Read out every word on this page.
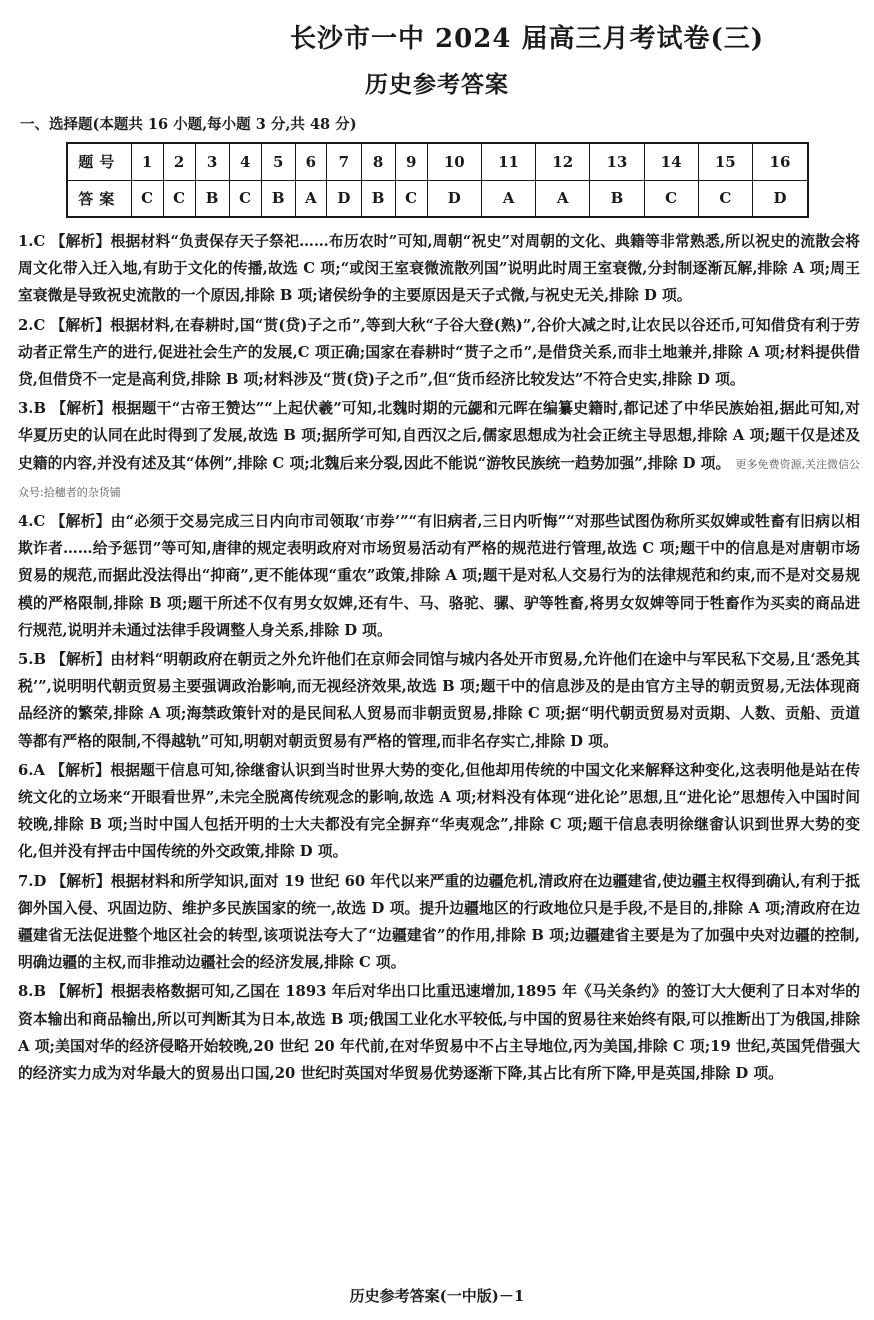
长沙市一中 2024 届高三月考试卷(三)
历史参考答案
一、选择题(本题共 16 小题,每小题 3 分,共 48 分)
题号	1	2	3	4	5	6	7	8	9	10	11	12	13	14	15	16
答案	C	C	B	C	B	A	D	B	C	D	A	A	B	C	C	D

1.C 【解析】根据材料“负责保存天子祭祀……布历农时”可知,周朝“祝史”对周朝的文化、典籍等非常熟悉,所以祝史的流散会将周文化带入迁入地,有助于文化的传播,故选 C 项;“或闵王室衰微流散列国”说明此时周王室衰微,分封制逐渐瓦解,排除 A 项;周王室衰微是导致祝史流散的一个原因,排除 B 项;诸侯纷争的主要原因是天子式微,与祝史无关,排除 D 项。

2.C 【解析】根据材料,在春耕时,国“贳(贷)子之币”,等到大秋“子谷大登(熟)”,谷价大减之时,让农民以谷还币,可知借贷有利于劳动者正常生产的进行,促进社会生产的发展,C 项正确;国家在春耕时“贳子之币”,是借贷关系,而非土地兼并,排除 A 项;材料提供借贷,但借贷不一定是高利贷,排除 B 项;材料涉及“贳(贷)子之币”,但“货币经济比较发达”不符合史实,排除 D 项。

3.B 【解析】根据题干“古帝王赞达”“上起伏羲”可知,北魏时期的元勰和元晖在编纂史籍时,都记述了中华民族始祖,据此可知,对华夏历史的认同在此时得到了发展,故选 B 项;据所学可知,自西汉之后,儒家思想成为社会正统主导思想,排除 A 项;题干仅是述及史籍的内容,并没有述及其“体例”,排除 C 项;北魏后来分裂,因此不能说“游牧民族统一趋势加强”,排除 D 项。 更多免费资源,关注微信公众号:拾穗者的杂货铺

4.C 【解析】由“必须于交易完成三日内向市司领取‘市券’”“有旧病者,三日内听悔”“对那些试图伪称所买奴婢或牲畜有旧病以相欺诈者……给予惩罚”等可知,唐律的规定表明政府对市场贸易活动有严格的规范进行管理,故选 C 项;题干中的信息是对唐朝市场贸易的规范,而据此没法得出“抑商”,更不能体现“重农”政策,排除 A 项;题干是对私人交易行为的法律规范和约束,而不是对交易规模的严格限制,排除 B 项;题干所述不仅有男女奴婢,还有牛、马、骆驼、骡、驴等牲畜,将男女奴婢等同于牲畜作为买卖的商品进行规范,说明并未通过法律手段调整人身关系,排除 D 项。

5.B 【解析】由材料“明朝政府在朝贡之外允许他们在京师会同馆与城内各处开市贸易,允许他们在途中与军民私下交易,且‘悉免其税’”,说明明代朝贡贸易主要强调政治影响,而无视经济效果,故选 B 项;题干中的信息涉及的是由官方主导的朝贡贸易,无法体现商品经济的繁荣,排除 A 项;海禁政策针对的是民间私人贸易而非朝贡贸易,排除 C 项;据“明代朝贡贸易对贡期、人数、贡船、贡道等都有严格的限制,不得越轨”可知,明朝对朝贡贸易有严格的管理,而非名存实亡,排除 D 项。

6.A 【解析】根据题干信息可知,徐继畬认识到当时世界大势的变化,但他却用传统的中国文化来解释这种变化,这表明他是站在传统文化的立场来“开眼看世界”,未完全脱离传统观念的影响,故选 A 项;材料没有体现“进化论”思想,且“进化论”思想传入中国时间较晚,排除 B 项;当时中国人包括开明的士大夫都没有完全摒弃“华夷观念”,排除 C 项;题干信息表明徐继畬认识到世界大势的变化,但并没有抨击中国传统的外交政策,排除 D 项。

7.D 【解析】根据材料和所学知识,面对 19 世纪 60 年代以来严重的边疆危机,清政府在边疆建省,使边疆主权得到确认,有利于抵御外国入侵、巩固边防、维护多民族国家的统一,故选 D 项。提升边疆地区的行政地位只是手段,不是目的,排除 A 项;清政府在边疆建省无法促进整个地区社会的转型,该项说法夸大了“边疆建省”的作用,排除 B 项;边疆建省主要是为了加强中央对边疆的控制,明确边疆的主权,而非推动边疆社会的经济发展,排除 C 项。

8.B 【解析】根据表格数据可知,乙国在 1893 年后对华出口比重迅速增加,1895 年《马关条约》的签订大大便利了日本对华的资本输出和商品输出,所以可判断其为日本,故选 B 项;俄国工业化水平较低,与中国的贸易往来始终有限,可以推断出丁为俄国,排除 A 项;美国对华的经济侵略开始较晚,20 世纪 20 年代前,在对华贸易中不占主导地位,丙为美国,排除 C 项;19 世纪,英国凭借强大的经济实力成为对华最大的贸易出口国,20 世纪时英国对华贸易优势逐渐下降,其占比有所下降,甲是英国,排除 D 项。

历史参考答案(一中版)－1
